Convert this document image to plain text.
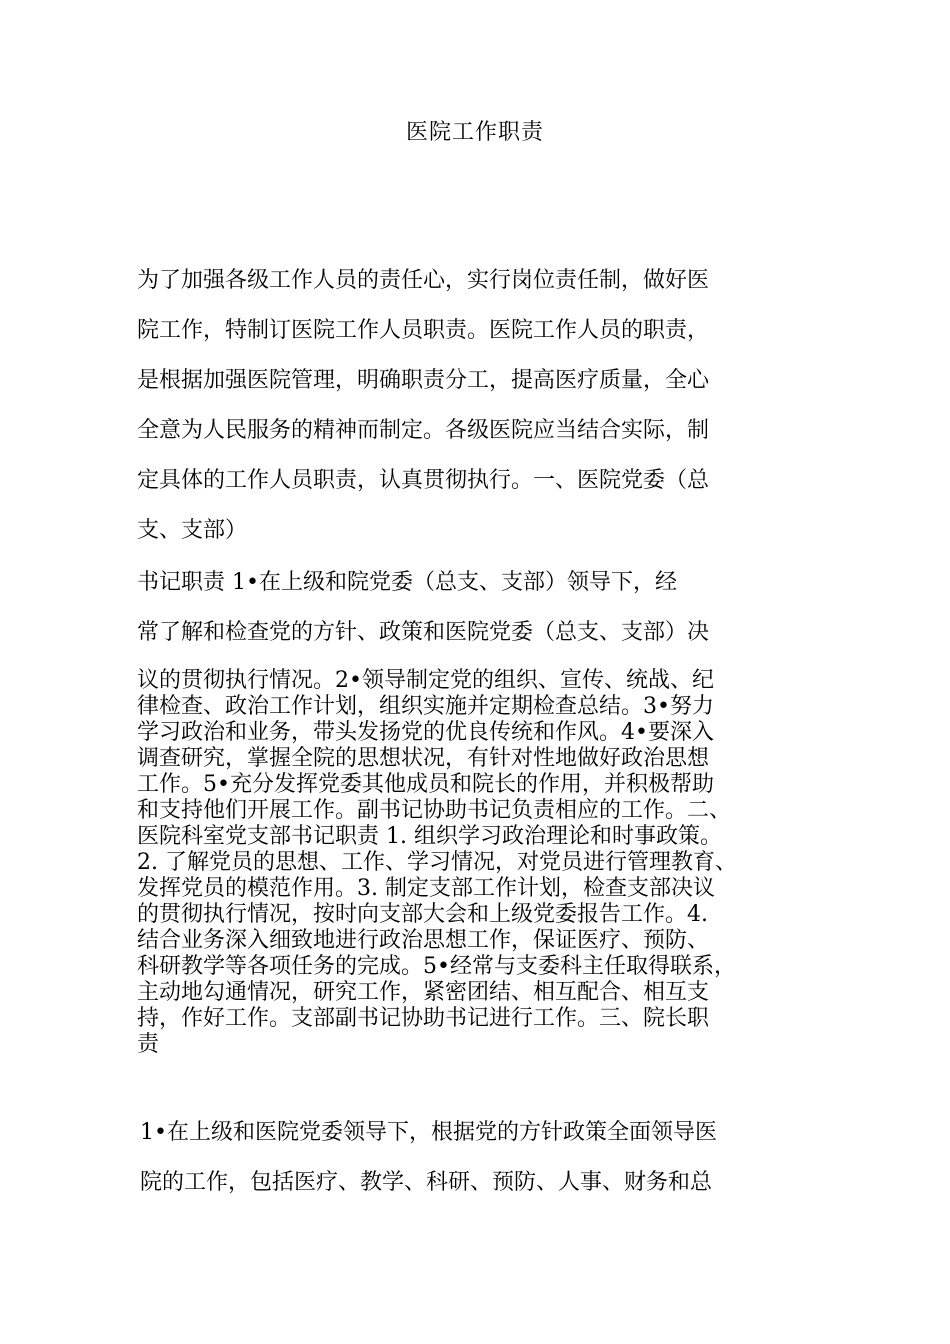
医院工作职责
为了加强各级工作人员的责任心，实行岗位责任制，做好医
院工作，特制订医院工作人员职责。医院工作人员的职责，
是根据加强医院管理，明确职责分工，提高医疗质量，全心
全意为人民服务的精神而制定。各级医院应当结合实际，制
定具体的工作人员职责，认真贯彻执行。一、医院党委（总
支、支部）
书记职责 1•在上级和院党委（总支、支部）领导下，经
常了解和检查党的方针、政策和医院党委（总支、支部）决
议的贯彻执行情况。2•领导制定党的组织、宣传、统战、纪
律检查、政治工作计划，组织实施并定期检查总结。3•努力
学习政治和业务，带头发扬党的优良传统和作风。4•要深入
调查研究，掌握全院的思想状况，有针对性地做好政治思想
工作。5•充分发挥党委其他成员和院长的作用，并积极帮助
和支持他们开展工作。副书记协助书记负责相应的工作。二、
医院科室党支部书记职责 1. 组织学习政治理论和时事政策。
2. 了解党员的思想、工作、学习情况，对党员进行管理教育、
发挥党员的模范作用。3. 制定支部工作计划，检查支部决议
的贯彻执行情况，按时向支部大会和上级党委报告工作。4.
结合业务深入细致地进行政治思想工作，保证医疗、预防、
科研教学等各项任务的完成。5•经常与支委科主任取得联系，
主动地勾通情况，研究工作，紧密团结、相互配合、相互支
持，作好工作。支部副书记协助书记进行工作。三、院长职
责
1•在上级和医院党委领导下，根据党的方针政策全面领导医
院的工作，包括医疗、教学、科研、预防、人事、财务和总
